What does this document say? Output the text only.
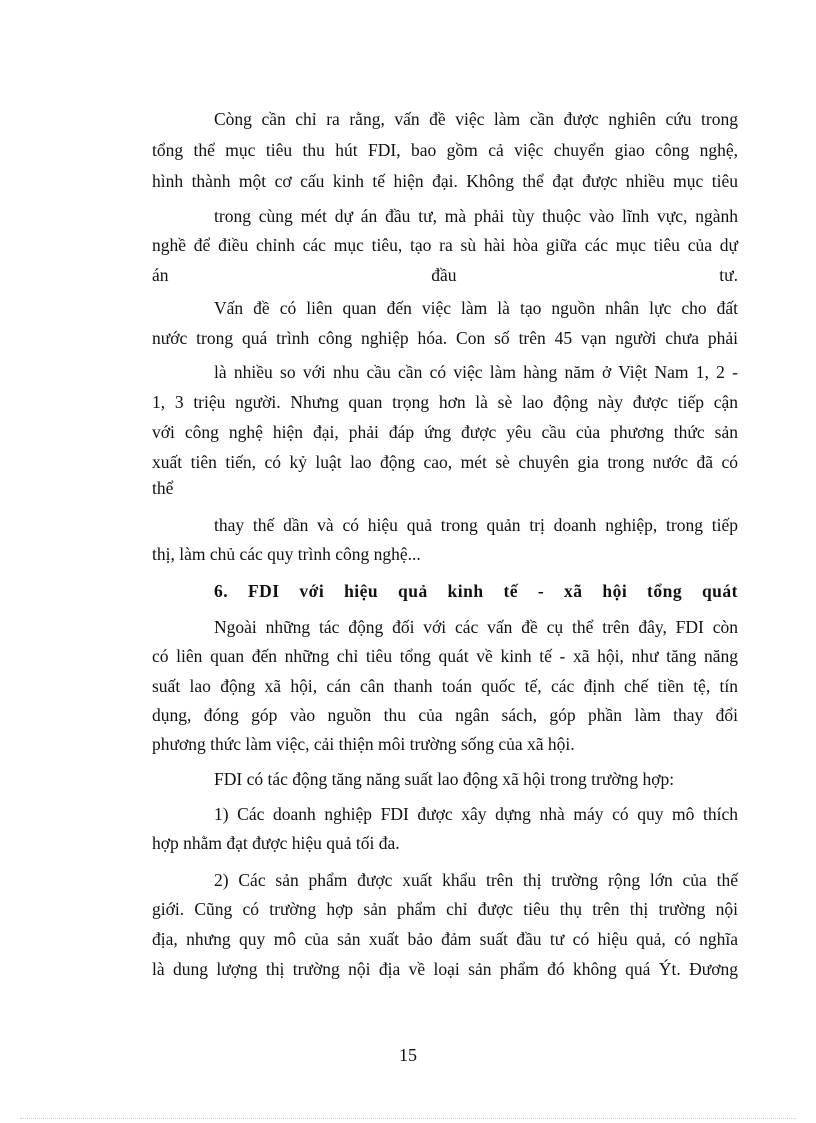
Còng cần chỉ ra rằng, vấn đề việc làm cần được nghiên cứu trong

tổng thể mục tiêu thu hút FDI, bao gồm cả việc chuyển giao công nghệ,

hình thành một cơ cấu kinh tế hiện đại. Không thể đạt được nhiều mục tiêu

trong cùng mét dự án đầu tư, mà phải tùy thuộc vào lĩnh vực, ngành

nghề để điều chỉnh các mục tiêu, tạo ra sù hài hòa giữa các mục tiêu của dự

án đầu tư.

Vấn đề có liên quan đến việc làm là tạo nguồn nhân lực cho đất

nước trong quá trình công nghiệp hóa. Con số trên 45 vạn người chưa phải

là nhiều so với nhu cầu cần có việc làm hàng năm ở Việt Nam 1, 2 -

1, 3 triệu người. Nhưng quan trọng hơn là sè lao động này được tiếp cận

với công nghệ hiện đại, phải đáp ứng được yêu cầu của phương thức sản

xuất tiên tiến, có kỷ luật lao động cao, mét sè chuyên gia trong nước đã có

thể

thay thế dần và có hiệu quả trong quản trị doanh nghiệp, trong tiếp

thị, làm chủ các quy trình công nghệ...

6. FDI với hiệu quả kinh tế - xã hội tổng quát

Ngoài những tác động đối với các vấn đề cụ thể trên đây, FDI còn

có liên quan đến những chỉ tiêu tổng quát về kinh tế - xã hội, như tăng năng

suất lao động xã hội, cán cân thanh toán quốc tế, các định chế tiền tệ, tín

dụng, đóng góp vào nguồn thu của ngân sách, góp phần làm thay đổi

phương thức làm việc, cải thiện môi trường sống của xã hội.

FDI có tác động tăng năng suất lao động xã hội trong trường hợp:

1) Các doanh nghiệp FDI được xây dựng nhà máy có quy mô thích

hợp nhằm đạt được hiệu quả tối đa.

2) Các sản phẩm được xuất khẩu trên thị trường rộng lớn của thế

giới. Cũng có trường hợp sản phẩm chỉ được tiêu thụ trên thị trường nội

địa, nhưng quy mô của sản xuất bảo đảm suất đầu tư có hiệu quả, có nghĩa

là dung lượng thị trường nội địa về loại sản phẩm đó không quá Ýt. Đương

15
